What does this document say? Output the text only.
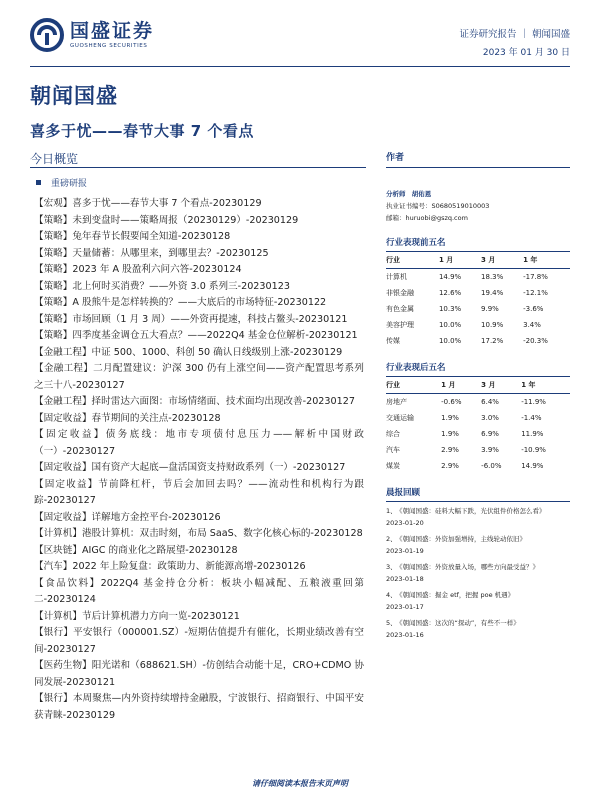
国盛证券
GUOSHENG SECURITIES
证券研究报告 ｜ 朝闻国盛
2023 年 01 月 30 日
朝闻国盛
喜多于忧——春节大事 7 个看点
今日概览
重磅研报
【宏观】喜多于忧——春节大事 7 个看点-20230129
【策略】未到变盘时——策略周报（20230129）-20230129
【策略】兔年春节长假要闻全知道-20230128
【策略】天量储蓄：从哪里来，到哪里去？-20230125
【策略】2023 年 A 股盈利六问六答-20230124
【策略】北上何时买消费？——外资 3.0 系列三-20230123
【策略】A 股熊牛是怎样转换的？——大底后的市场特征-20230122
【策略】市场回顾（1 月 3 周）——外资再提速，科技占鳌头-20230121
【策略】四季度基金调仓五大看点？——2022Q4 基金仓位解析-20230121
【金融工程】中证 500、1000、科创 50 确认日线级别上涨-20230129
【金融工程】二月配置建议：沪深 300 仍有上涨空间——资产配置思考系列之三十八-20230127
【金融工程】择时雷达六面图：市场情绪面、技术面均出现改善-20230127
【固定收益】春节期间的关注点-20230128
【固定收益】债务底线：地市专项债付息压力——解析中国财政（一）-20230127
【固定收益】国有资产大起底—盘活国资支持财政系列（一）-20230127
【固定收益】节前降杠杆，节后会加回去吗？——流动性和机构行为跟踪-20230127
【固定收益】详解地方金控平台-20230126
【计算机】港股计算机：双击时刻，布局 SaaS、数字化核心标的-20230128
【区块链】AIGC 的商业化之路展望-20230128
【汽车】2022 年上险复盘：政策助力、新能源高增-20230126
【食品饮料】2022Q4 基金持仓分析：板块小幅减配、五粮液重回第二-20230124
【计算机】节后计算机潜力方向一览-20230121
【银行】平安银行（000001.SZ）-短期估值提升有催化，长期业绩改善有空间-20230127
【医药生物】阳光诺和（688621.SH）-仿创结合动能十足，CRO+CDMO 协同发展-20230121
【银行】本周聚焦—内外资持续增持金融股，宁波银行、招商银行、中国平安获青睐-20230129
作者
分析师 胡佑恩
执业证书编号：S0680519010003
邮箱：huruobi@gszq.com
行业表现前五名
行业	1 月	3 月	1 年
计算机	14.9%	18.3%	-17.8%
非银金融	12.6%	19.4%	-12.1%
有色金属	10.3%	9.9%	-3.6%
美容护理	10.0%	10.9%	3.4%
传媒	10.0%	17.2%	-20.3%
行业表现后五名
行业	1 月	3 月	1 年
房地产	-0.6%	6.4%	-11.9%
交通运输	1.9%	3.0%	-1.4%
综合	1.9%	6.9%	11.9%
汽车	2.9%	3.9%	-10.9%
煤炭	2.9%	-6.0%	14.9%
晨报回顾
1、 《朝闻国盛：硅料大幅下跌，光伏组件价格怎么看》
2023-01-20
2、 《朝闻国盛：外资加强增持，主线轮动依旧》
2023-01-19
3、 《朝闻国盛：外资放量入场，哪些方向最受益？》
2023-01-18
4、 《朝闻国盛：掘金 etf，把握 poe 机遇》
2023-01-17
5、 《朝闻国盛：这次的“探动”，有些不一样》
2023-01-16
请仔细阅读本报告末页声明
